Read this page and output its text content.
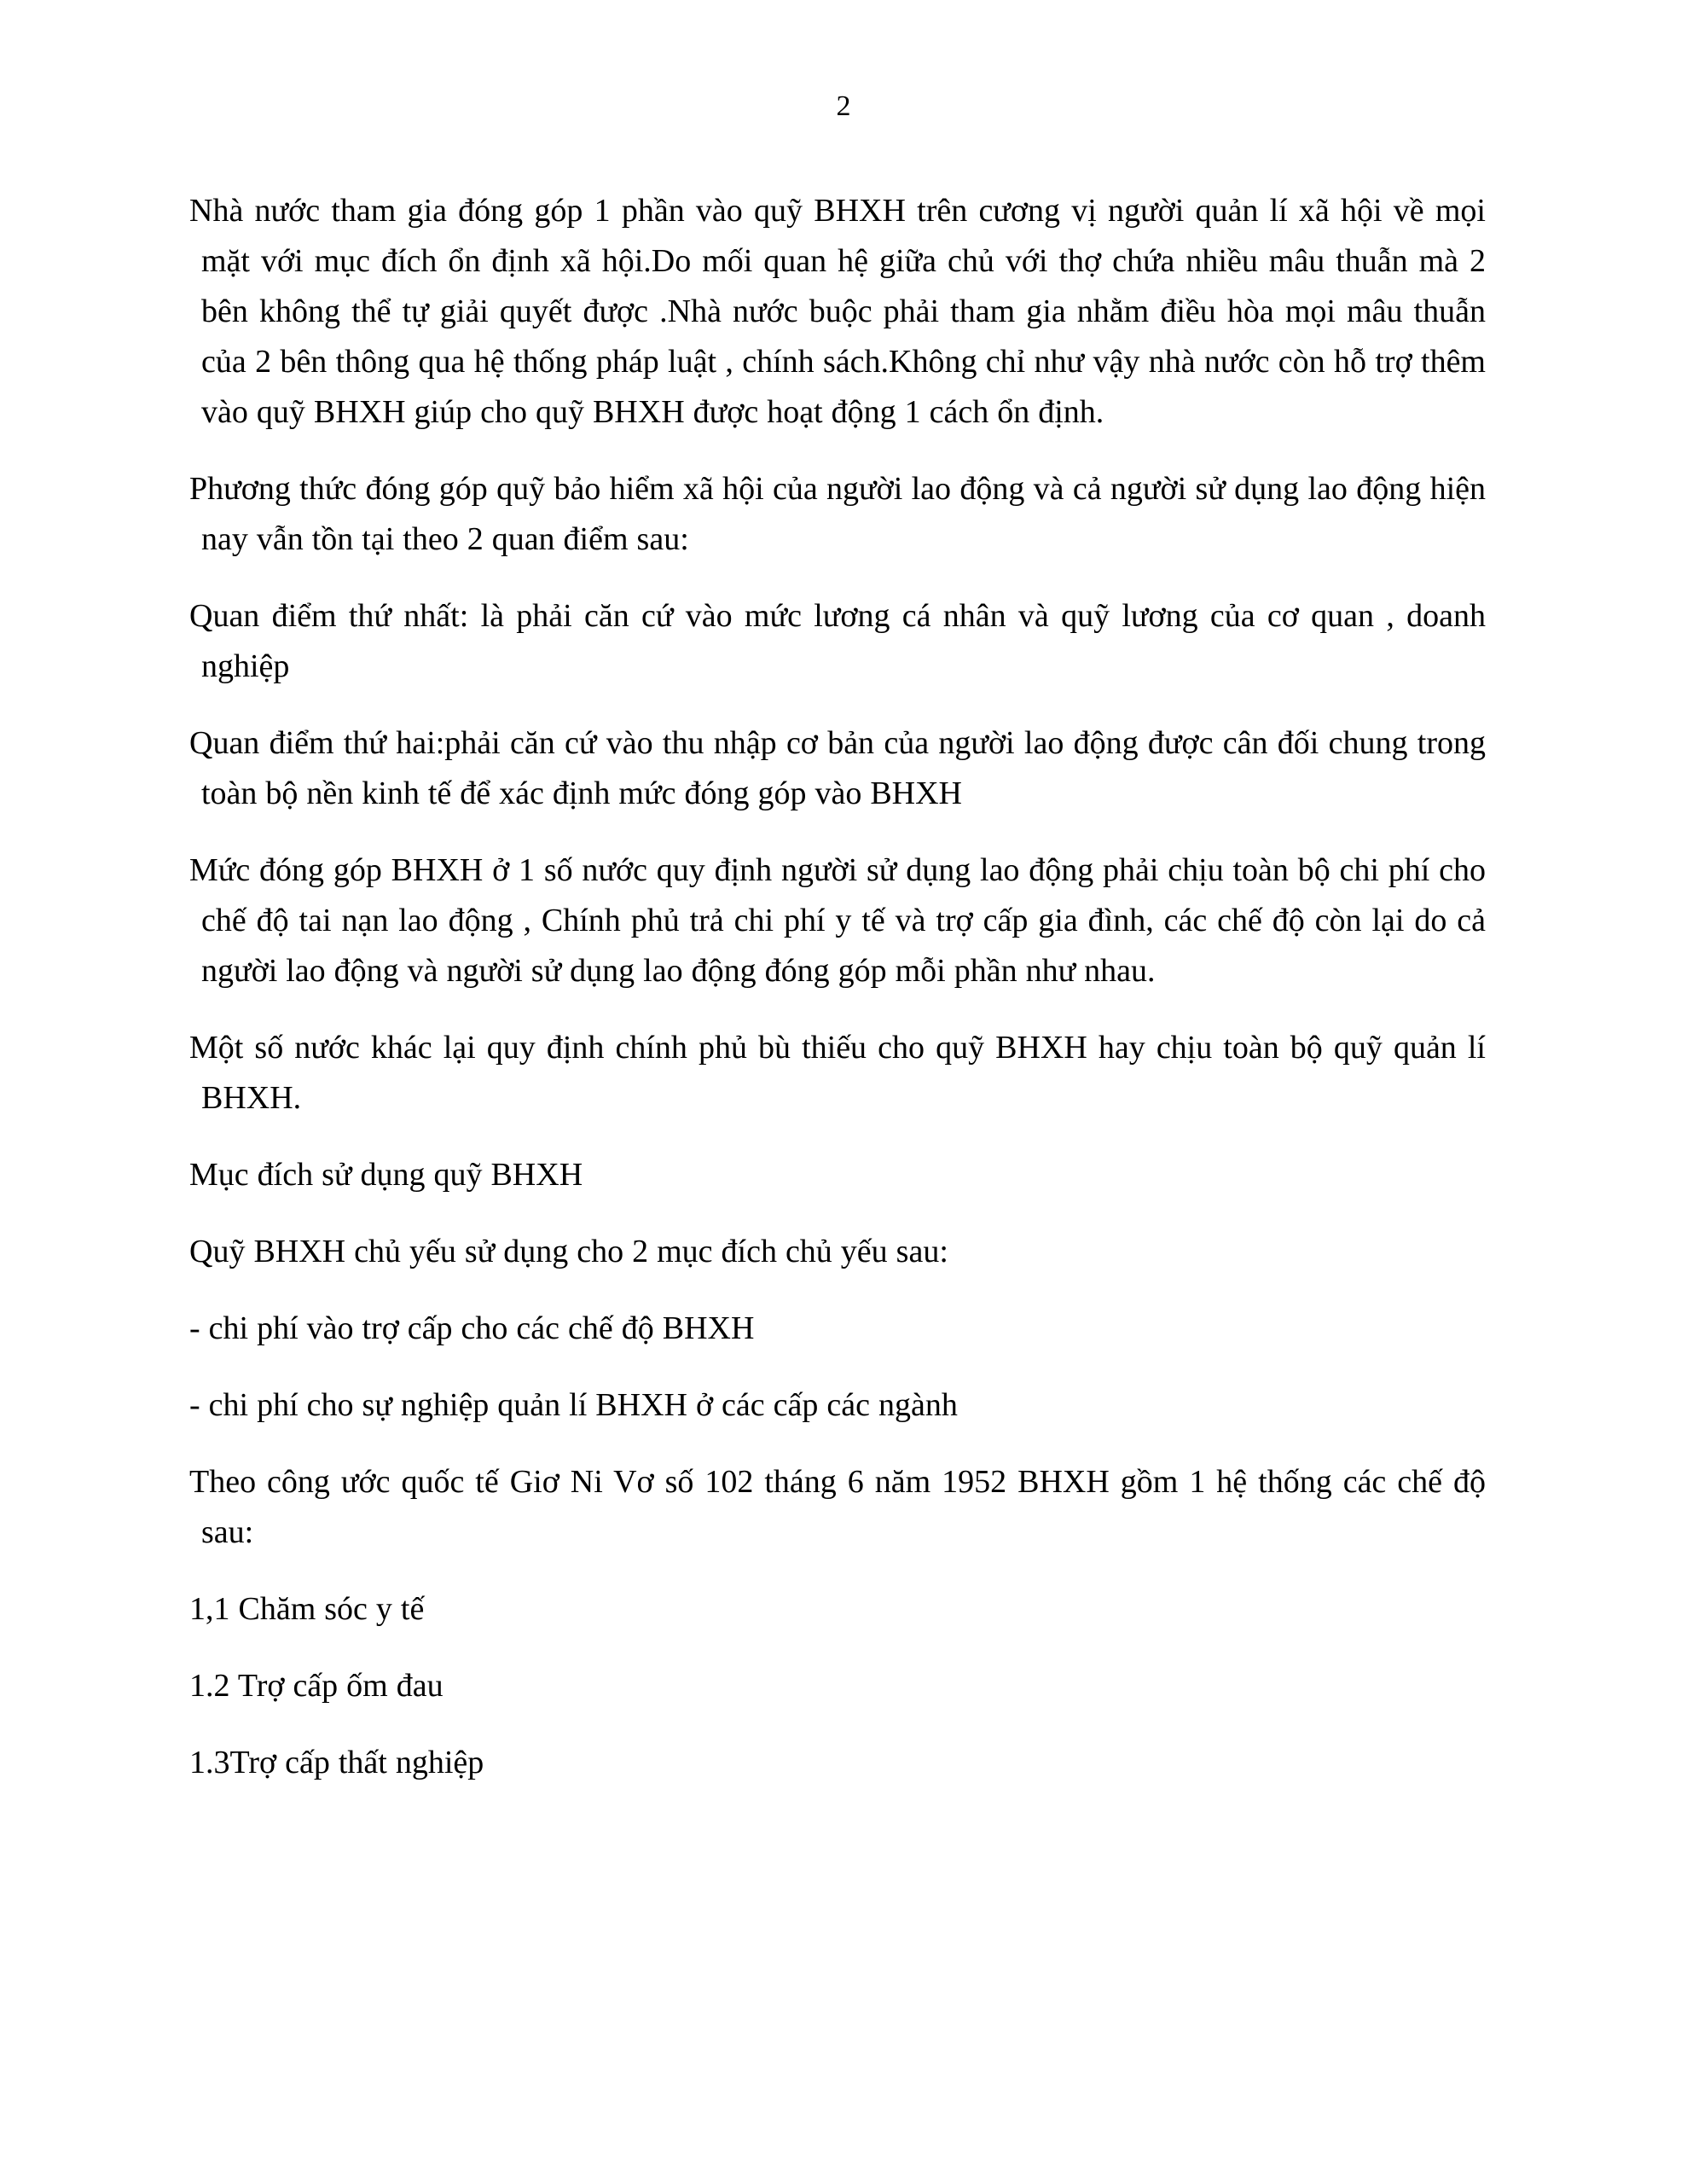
2

Nhà nước tham gia đóng góp 1 phần vào quỹ BHXH trên cương vị người quản lí xã hội về mọi mặt với mục đích ổn định xã hội.Do mối quan hệ giữa chủ với thợ chứa nhiều mâu thuẫn mà 2 bên không thể tự giải quyết được .Nhà nước buộc phải tham gia nhằm điều hòa mọi mâu thuẫn của 2 bên thông qua hệ thống pháp luật , chính sách.Không chỉ như vậy nhà nước còn hỗ trợ thêm vào quỹ BHXH giúp cho quỹ BHXH được hoạt động 1 cách ổn định.

Phương thức đóng góp quỹ bảo hiểm xã hội của người lao động và cả người sử dụng lao động hiện nay vẫn tồn tại theo 2 quan điểm sau:

Quan điểm thứ nhất: là phải căn cứ vào mức lương cá nhân và quỹ lương của cơ quan , doanh nghiệp

Quan điểm thứ hai:phải căn cứ vào thu nhập cơ bản của người lao động được cân đối chung trong toàn bộ nền kinh tế để xác định mức đóng góp vào BHXH

Mức đóng góp BHXH ở 1 số nước quy định người sử dụng lao động phải chịu toàn bộ chi phí cho chế độ tai nạn lao động , Chính phủ trả chi phí y tế và trợ cấp gia đình, các chế độ còn lại do cả người lao động và người sử dụng lao động đóng góp mỗi phần như nhau.

Một số nước khác lại quy định chính phủ bù thiếu cho quỹ BHXH hay chịu toàn bộ quỹ quản lí BHXH.

Mục đích sử dụng quỹ BHXH

Quỹ BHXH chủ yếu sử dụng cho 2 mục đích chủ yếu sau:

- chi phí vào trợ cấp cho các chế độ BHXH

- chi phí cho sự nghiệp quản lí BHXH ở các cấp các ngành

Theo công ước quốc tế Giơ Ni Vơ số 102 tháng 6 năm 1952 BHXH gồm 1 hệ thống các chế độ sau:

1,1 Chăm sóc y tế

1.2 Trợ cấp ốm đau

1.3Trợ cấp thất nghiệp
